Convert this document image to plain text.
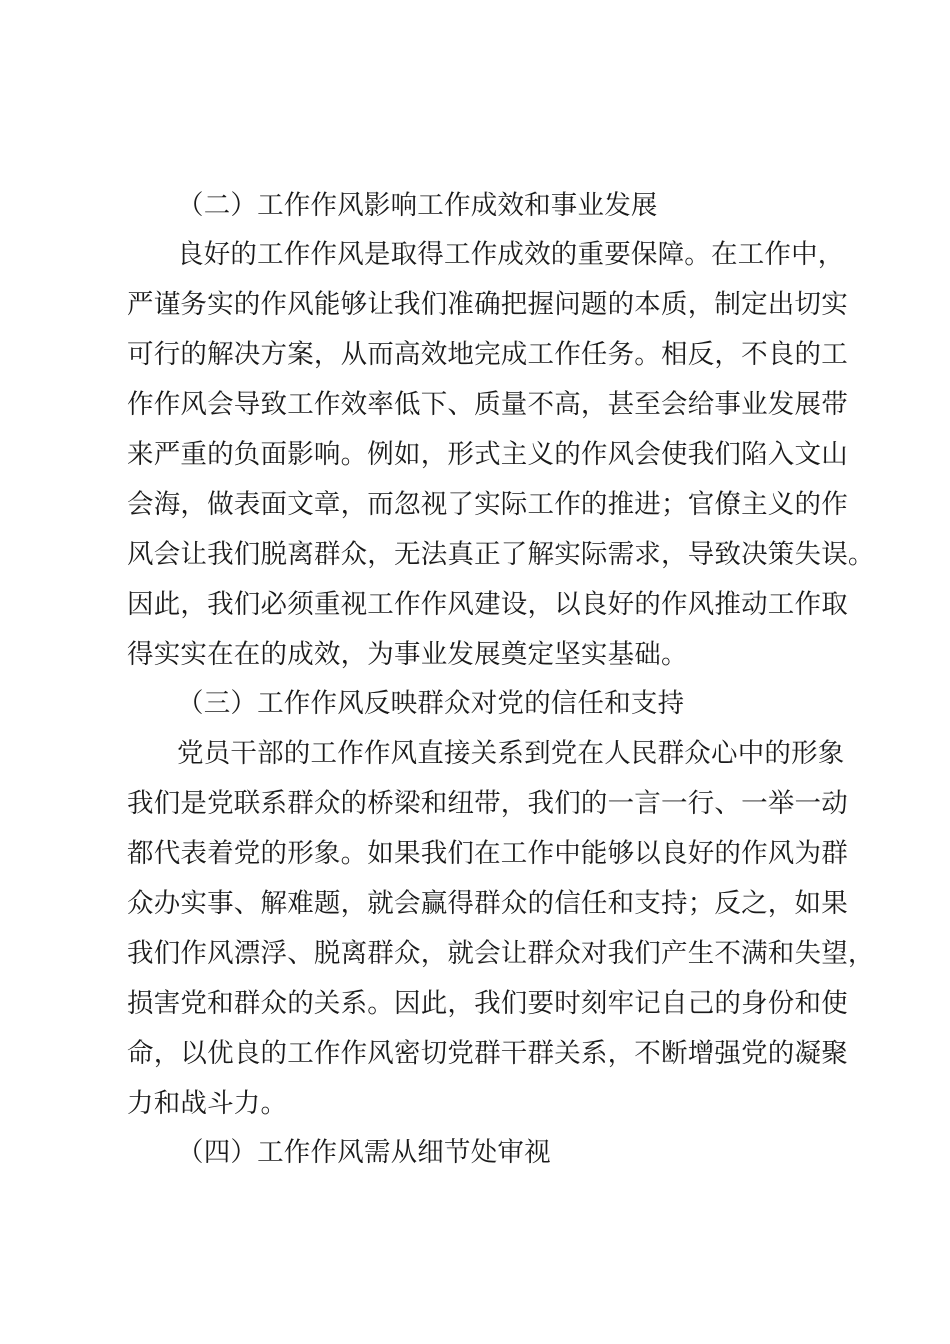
（二）工作作风影响工作成效和事业发展
良好的工作作风是取得工作成效的重要保障。在工作中，
严谨务实的作风能够让我们准确把握问题的本质，制定出切实
可行的解决方案，从而高效地完成工作任务。相反，不良的工
作作风会导致工作效率低下、质量不高，甚至会给事业发展带
来严重的负面影响。例如，形式主义的作风会使我们陷入文山
会海，做表面文章，而忽视了实际工作的推进；官僚主义的作
风会让我们脱离群众，无法真正了解实际需求，导致决策失误。
因此，我们必须重视工作作风建设，以良好的作风推动工作取
得实实在在的成效，为事业发展奠定坚实基础。
（三）工作作风反映群众对党的信任和支持
党员干部的工作作风直接关系到党在人民群众心中的形象
我们是党联系群众的桥梁和纽带，我们的一言一行、一举一动
都代表着党的形象。如果我们在工作中能够以良好的作风为群
众办实事、解难题，就会赢得群众的信任和支持；反之，如果
我们作风漂浮、脱离群众，就会让群众对我们产生不满和失望，
损害党和群众的关系。因此，我们要时刻牢记自己的身份和使
命，以优良的工作作风密切党群干群关系，不断增强党的凝聚
力和战斗力。
（四）工作作风需从细节处审视
